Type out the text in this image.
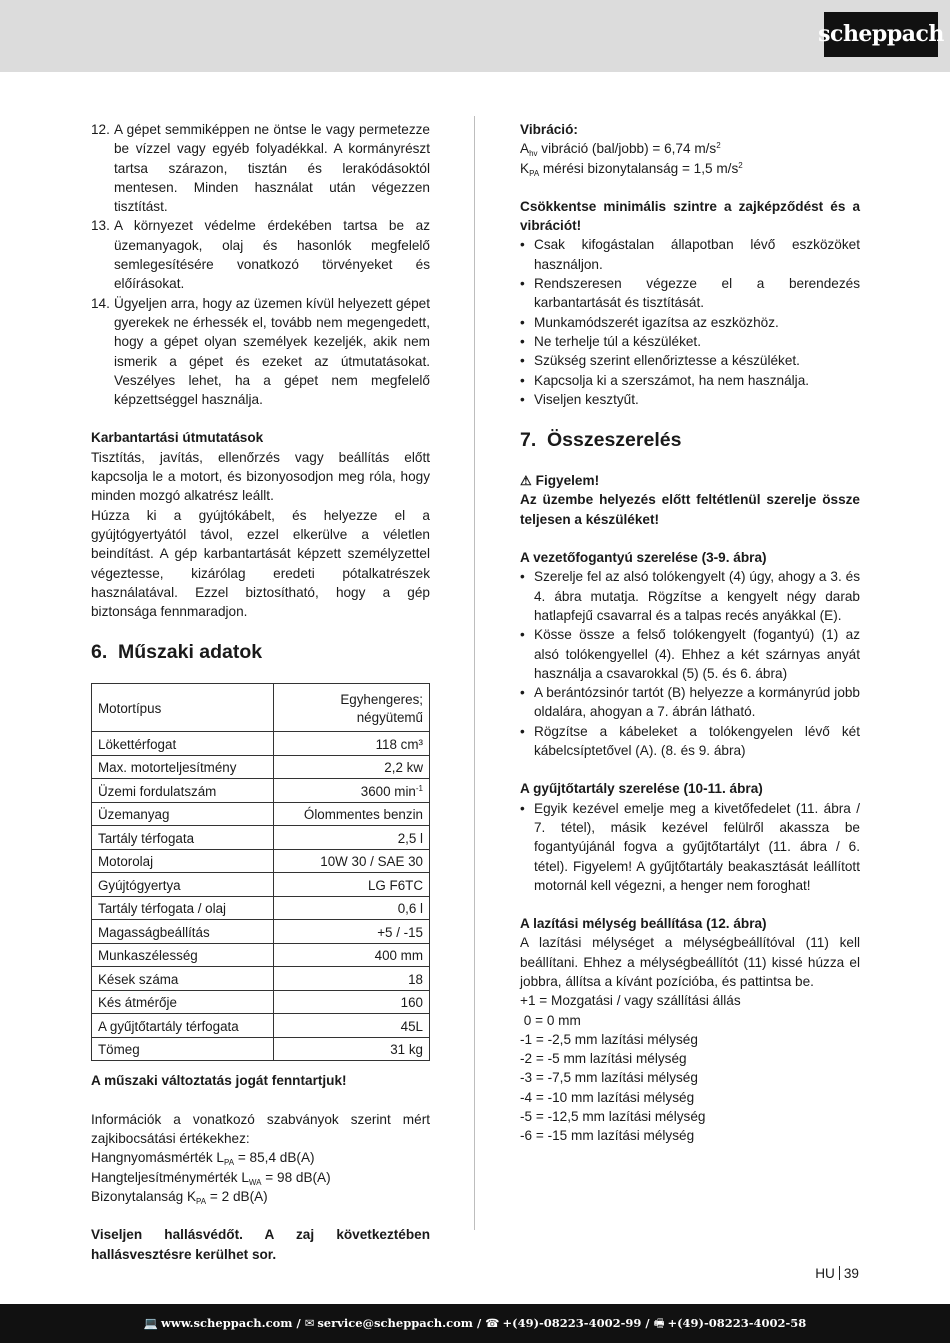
scheppach
12. A gépet semmiképpen ne öntse le vagy permetezze be vízzel vagy egyéb folyadékkal. A kormányrészt tartsa szárazon, tisztán és lerakódásoktól mentesen. Minden használat után végezzen tisztítást.
13. A környezet védelme érdekében tartsa be az üzemanyagok, olaj és hasonlók megfelelő semlegesítésére vonatkozó törvényeket és előírásokat.
14. Ügyeljen arra, hogy az üzemen kívül helyezett gépet gyerekek ne érhessék el, tovább nem megengedett, hogy a gépet olyan személyek kezeljék, akik nem ismerik a gépet és ezeket az útmutatásokat. Veszélyes lehet, ha a gépet nem megfelelő képzettséggel használja.
Karbantartási útmutatások

Tisztítás, javítás, ellenőrzés vagy beállítás előtt kapcsolja le a motort, és bizonyosodjon meg róla, hogy minden mozgó alkatrész leállt.

Húzza ki a gyújtókábelt, és helyezze el a gyújtógyertyától távol, ezzel elkerülve a véletlen beindítást. A gép karbantartását képzett személyzettel végeztesse, kizárólag eredeti pótalkatrészek használatával. Ezzel biztosítható, hogy a gép biztonsága fennmaradjon.

6. Műszaki adatok
Motortípus	Egyhengeres; négyütemű
Lökettérfogat	118 cm³
Max. motorteljesítmény	2,2 kw
Üzemi fordulatszám	3600 $\min^{-1}$
Üzemanyag	Ólommentes benzin
Tartály térfogata	2,5 l
Motorolaj	10W 30 / SAE 30
Gyújtógyertya	LG F6TC
Tartály térfogata / olaj	0,6 l
Magasságbeállítás	+5 / -15
Munkaszélesség	400 mm
Kések száma	18
Kés átmérője	160
A gyűjtőtartály térfogata	45L
Tömeg	31 kg
A műszaki változtatás jogát fenntartjuk!

Információk a vonatkozó szabványok szerint mért zajkibocsátási értékekhez:

Hangnyomásmérték $L_{PA} = 85,4$ dB(A)
Hangteljesítménymérték $L_{WA} = 98$ dB(A)
Bizonytalanság $K_{PA} = 2$ dB(A)

Viseljen hallásvédőt. A zaj következtében hallásvesztésre kerülhet sor.

Vibráció:
$A_{hv}$ vibráció (bal/jobb) = 6,74 $m/s^2$
$K_{PA}$ mérési bizonytalanság = 1,5 $m/s^2$
Csökkentse minimális szintre a zajképződést és a vibrációt!
• Csak kifogástalan állapotban lévő eszközöket használjon.
• Rendszeresen végezze el a berendezés karbantartását és tisztítását.
• Munkamódszerét igazítsa az eszközhöz.
• Ne terhelje túl a készüléket.
• Szükség szerint ellenőriztesse a készüléket.
• Kapcsolja ki a szerszámot, ha nem használja.
• Viseljen kesztyűt.
7. Összeszerelés
⚠ Figyelem!
Az üzembe helyezés előtt feltétlenül szerelje össze teljesen a készüléket!
A vezetőfogantyú szerelése (3-9. ábra)
• Szerelje fel az alsó tolókengyelt (4) úgy, ahogy a 3. és 4. ábra mutatja. Rögzítse a kengyelt négy darab hatlapfejű csavarral és a talpas recés anyákkal (E).
• Kösse össze a felső tolókengyelt (fogantyú) (1) az alsó tolókengyellel (4). Ehhez a két szárnyas anyát használja a csavarokkal (5) (5. és 6. ábra)
• A berántózsinór tartót (B) helyezze a kormányrúd jobb oldalára, ahogyan a 7. ábrán látható.
• Rögzítse a kábeleket a tolókengyelen lévő két kábelcsíptetővel (A). (8. és 9. ábra)
A gyűjtőtartály szerelése (10-11. ábra)
• Egyik kezével emelje meg a kivetőfedelet (11. ábra / 7. tétel), másik kezével felülről akassza be fogantyújánál fogva a gyűjtőtartályt (11. ábra / 6. tétel). Figyelem! A gyűjtőtartály beakasztását leállított motornál kell végezni, a henger nem foroghat!
A lazítási mélység beállítása (12. ábra)

A lazítási mélységet a mélységbeállítóval (11) kell beállítani. Ehhez a mélységbeállítót (11) kissé húzza el jobbra, állítsa a kívánt pozícióba, és pattintsa be.

+1 = Mozgatási / vagy szállítási állás
0 = 0 mm
-1 = -2,5 mm lazítási mélység
-2 = -5 mm lazítási mélység
-3 = -7,5 mm lazítási mélység
-4 = -10 mm lazítási mélység
-5 = -12,5 mm lazítási mélység
-6 = -15 mm lazítási mélység
HU 39
💻 www.scheppach.com / ✉ service@scheppach.com / ☎ +(49)-08223-4002-99 / 🖷 +(49)-08223-4002-58
